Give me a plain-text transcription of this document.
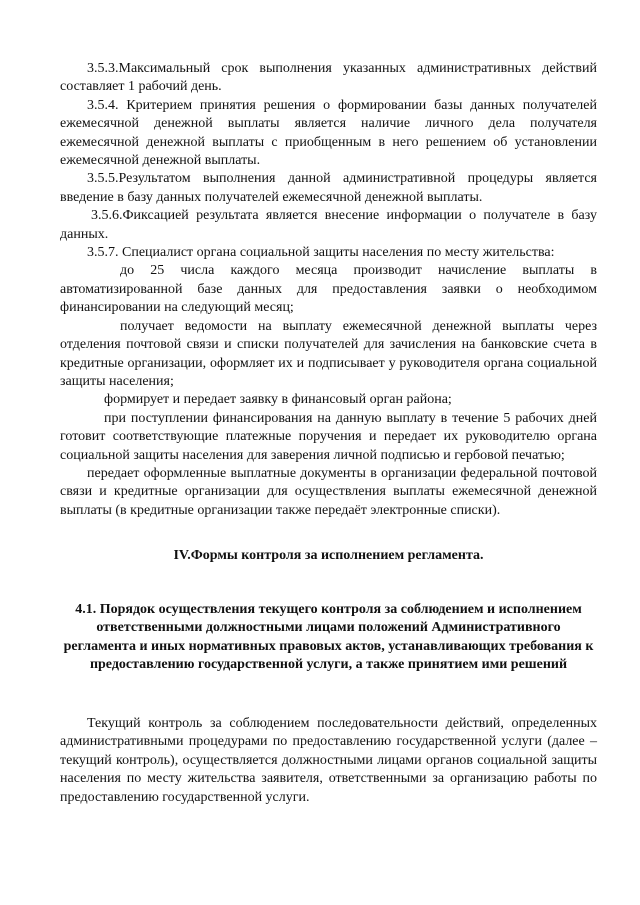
3.5.3.Максимальный срок выполнения указанных административных действий составляет 1 рабочий день.

3.5.4. Критерием принятия решения о формировании базы данных получателей ежемесячной денежной выплаты является наличие личного дела получателя ежемесячной денежной выплаты с приобщенным в него решением об установлении ежемесячной денежной выплаты.

3.5.5.Результатом выполнения данной административной процедуры является введение в базу данных получателей ежемесячной денежной выплаты.

3.5.6.Фиксацией результата является внесение информации о получателе в базу данных.

3.5.7. Специалист органа социальной защиты населения по месту жительства:

до 25 числа каждого месяца производит начисление выплаты в автоматизированной базе данных для предоставления заявки о необходимом финансировании на следующий месяц;

получает ведомости на выплату ежемесячной денежной выплаты через отделения почтовой связи и списки получателей для зачисления на банковские счета в кредитные организации, оформляет их и подписывает у руководителя органа социальной защиты населения;

формирует и передает заявку в финансовый орган района;

при поступлении финансирования на данную выплату в течение 5 рабочих дней готовит соответствующие платежные поручения и передает их руководителю органа социальной защиты населения для заверения личной подписью и гербовой печатью;

передает оформленные выплатные документы в организации федеральной почтовой связи и кредитные организации для осуществления выплаты ежемесячной денежной выплаты (в кредитные организации также передаёт электронные списки).

IV.Формы контроля за исполнением регламента.
4.1. Порядок осуществления текущего контроля за соблюдением и исполнением ответственными должностными лицами положений Административного регламента и иных нормативных правовых актов, устанавливающих требования к предоставлению государственной услуги, а также принятием ими решений

Текущий контроль за соблюдением последовательности действий, определенных административными процедурами по предоставлению государственной услуги (далее – текущий контроль), осуществляется должностными лицами органов социальной защиты населения по месту жительства заявителя, ответственными за организацию работы по предоставлению государственной услуги.
